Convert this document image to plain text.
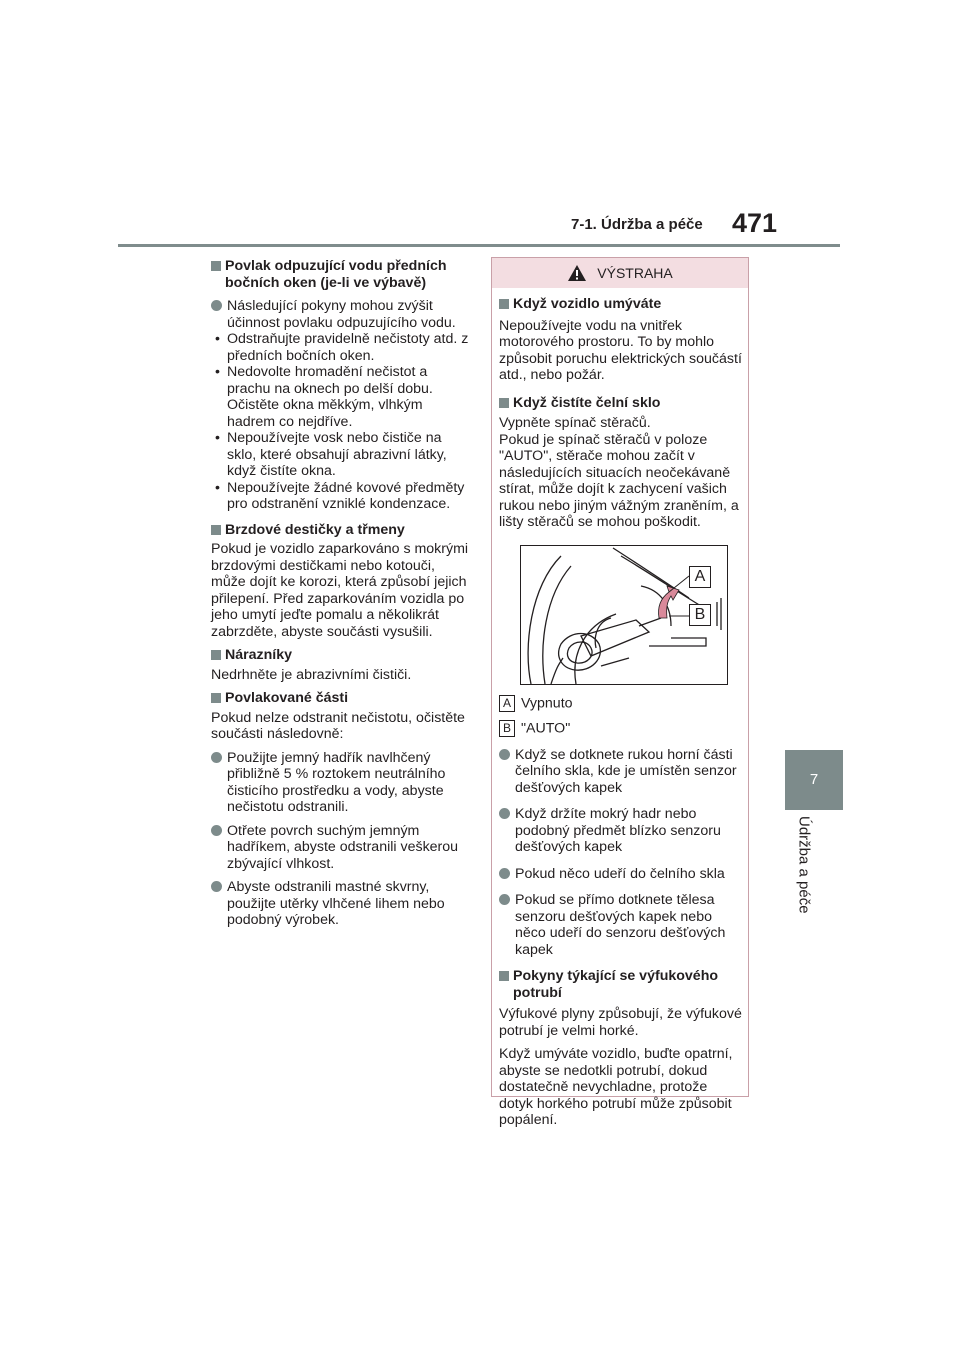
7-1. Údržba a péče 471
7
Údržba a péče
Povlak odpuzující vodu předních bočních oken (je-li ve výbavě)
Následující pokyny mohou zvýšit účinnost povlaku odpuzujícího vodu.
• Odstraňujte pravidelně nečistoty atd. z předních bočních oken.
• Nedovolte hromadění nečistot a prachu na oknech po delší dobu. Očistěte okna měkkým, vlhkým hadrem co nejdříve.
• Nepoužívejte vosk nebo čističe na sklo, které obsahují abrazivní látky, když čistíte okna.
• Nepoužívejte žádné kovové předměty pro odstranění vzniklé kondenzace.
Brzdové destičky a třmeny

Pokud je vozidlo zaparkováno s mokrými brzdovými destičkami nebo kotouči, může dojít ke korozi, která způsobí jejich přilepení. Před zaparkováním vozidla po jeho umytí jeďte pomalu a několikrát zabrzděte, abyste součásti vysušili.

Nárazníky

Nedrhněte je abrazivními čističi.

Povlakované části

Pokud nelze odstranit nečistotu, očistěte součásti následovně:

Použijte jemný hadřík navlhčený přibližně 5 % roztokem neutrálního čisticího prostředku a vody, abyste nečistotu odstranili.
Otřete povrch suchým jemným hadříkem, abyste odstranili veškerou zbývající vlhkost.
Abyste odstranili mastné skvrny, použijte utěrky vlhčené lihem nebo podobný výrobek.
VÝSTRAHA
Když vozidlo umýváte

Nepoužívejte vodu na vnitřek motorového prostoru. To by mohlo způsobit poruchu elektrických součástí atd., nebo požár.

Když čistíte čelní sklo

Vypněte spínač stěračů.

Pokud je spínač stěračů v poloze "AUTO", stěrače mohou začít v následujících situacích neočekávaně stírat, může dojít k zachycení vašich rukou nebo jiným vážným zraněním, a lišty stěračů se mohou poškodit.

A
B
A Vypnuto
B "AUTO"
Když se dotknete rukou horní části čelního skla, kde je umístěn senzor dešťových kapek
Když držíte mokrý hadr nebo podobný předmět blízko senzoru dešťových kapek
Pokud něco udeří do čelního skla
Pokud se přímo dotknete tělesa senzoru dešťových kapek nebo něco udeří do senzoru dešťových kapek
Pokyny týkající se výfukového potrubí

Výfukové plyny způsobují, že výfukové potrubí je velmi horké.

Když umýváte vozidlo, buďte opatrní, abyste se nedotkli potrubí, dokud dostatečně nevychladne, protože dotyk horkého potrubí může způsobit popálení.
